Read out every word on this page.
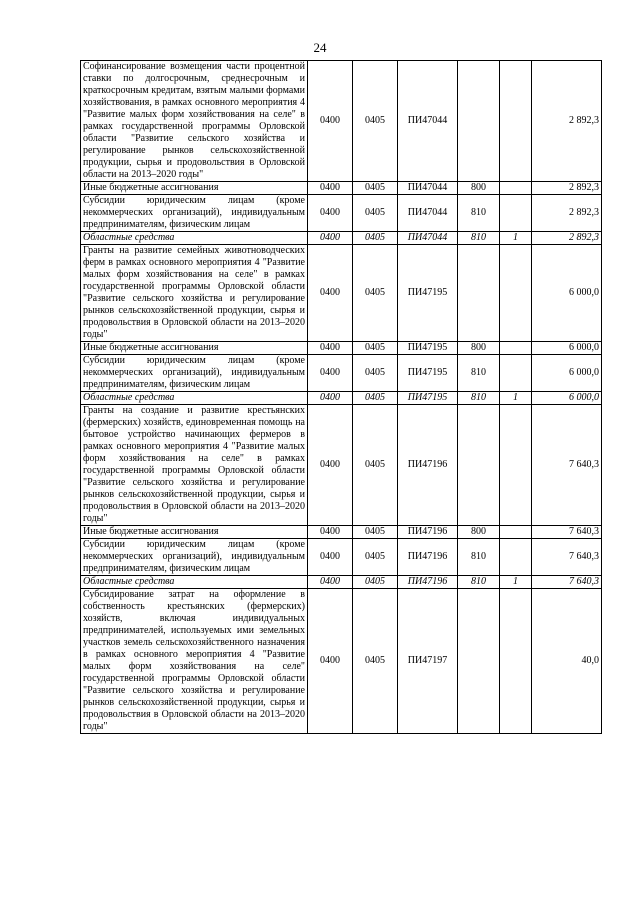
24
Софинансирование возмещения части процентной ставки по долгосрочным, среднесрочным и краткосрочным кредитам, взятым малыми формами хозяйствования, в рамках основного мероприятия 4 "Развитие малых форм хозяйствования на селе" в рамках государственной программы Орловской области "Развитие сельского хозяйства и регулирование рынков сельскохозяйственной продукции, сырья и продовольствия в Орловской области на 2013–2020 годы"	0400	0405	ПИ47044			2 892,3
Иные бюджетные ассигнования	0400	0405	ПИ47044	800		2 892,3
Субсидии юридическим лицам (кроме некоммерческих организаций), индивидуальным предпринимателям, физическим лицам	0400	0405	ПИ47044	810		2 892,3
Областные средства	0400	0405	ПИ47044	810	1	2 892,3
Гранты на развитие семейных животноводческих ферм в рамках основного мероприятия 4 "Развитие малых форм хозяйствования на селе" в рамках государственной программы Орловской области "Развитие сельского хозяйства и регулирование рынков сельскохозяйственной продукции, сырья и продовольствия в Орловской области на 2013–2020 годы"	0400	0405	ПИ47195			6 000,0
Иные бюджетные ассигнования	0400	0405	ПИ47195	800		6 000,0
Субсидии юридическим лицам (кроме некоммерческих организаций), индивидуальным предпринимателям, физическим лицам	0400	0405	ПИ47195	810		6 000,0
Областные средства	0400	0405	ПИ47195	810	1	6 000,0
Гранты на создание и развитие крестьянских (фермерских) хозяйств, единовременная помощь на бытовое устройство начинающих фермеров в рамках основного мероприятия 4 "Развитие малых форм хозяйствования на селе" в рамках государственной программы Орловской области "Развитие сельского хозяйства и регулирование рынков сельскохозяйственной продукции, сырья и продовольствия в Орловской области на 2013–2020 годы"	0400	0405	ПИ47196			7 640,3
Иные бюджетные ассигнования	0400	0405	ПИ47196	800		7 640,3
Субсидии юридическим лицам (кроме некоммерческих организаций), индивидуальным предпринимателям, физическим лицам	0400	0405	ПИ47196	810		7 640,3
Областные средства	0400	0405	ПИ47196	810	1	7 640,3
Субсидирование затрат на оформление в собственность крестьянских (фермерских) хозяйств, включая индивидуальных предпринимателей, используемых ими земельных участков земель сельскохозяйственного назначения в рамках основного мероприятия 4 "Развитие малых форм хозяйствования на селе" государственной программы Орловской области "Развитие сельского хозяйства и регулирование рынков сельскохозяйственной продукции, сырья и продовольствия в Орловской области на 2013–2020 годы"	0400	0405	ПИ47197			40,0
